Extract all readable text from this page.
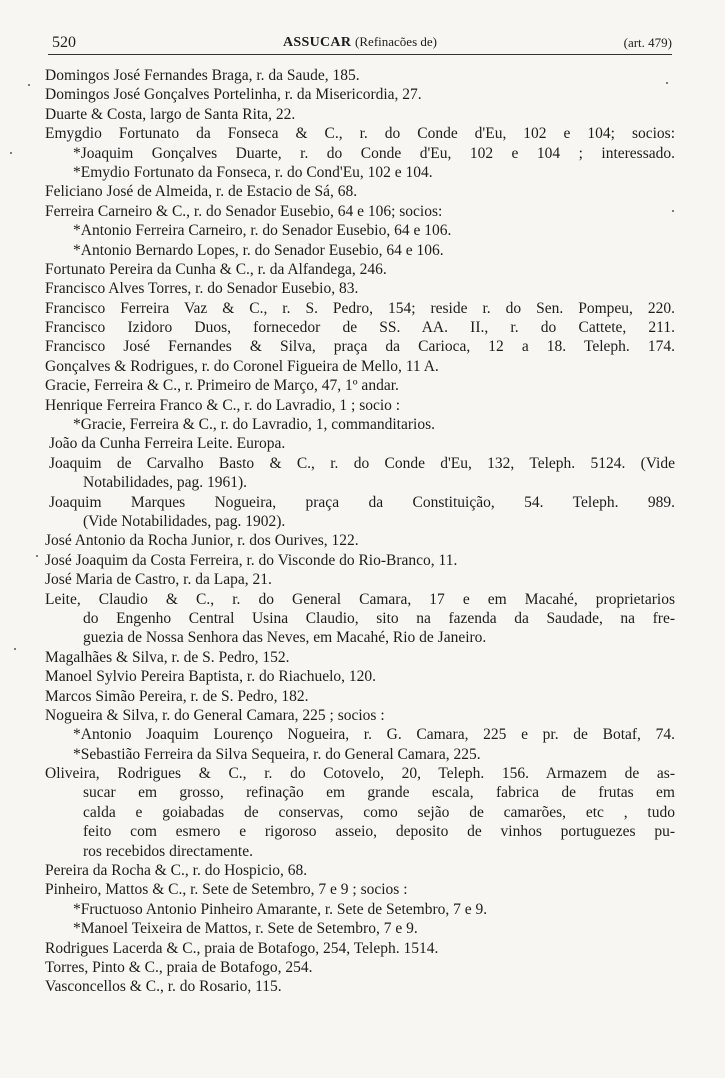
520	ASSUCAR (Refinacões de)	(art. 479)
Domingos José Fernandes Braga, r. da Saude, 185.
Domingos José Gonçalves Portelinha, r. da Misericordia, 27.
Duarte & Costa, largo de Santa Rita, 22.
Emygdio Fortunato da Fonseca & C., r. do Conde d'Eu, 102 e 104; socios:
*Joaquim Gonçalves Duarte, r. do Conde d'Eu, 102 e 104 ; interessado.
*Emydio Fortunato da Fonseca, r. do Cond'Eu, 102 e 104.
Feliciano José de Almeida, r. de Estacio de Sá, 68.
Ferreira Carneiro & C., r. do Senador Eusebio, 64 e 106; socios:
*Antonio Ferreira Carneiro, r. do Senador Eusebio, 64 e 106.
*Antonio Bernardo Lopes, r. do Senador Eusebio, 64 e 106.
Fortunato Pereira da Cunha & C., r. da Alfandega, 246.
Francisco Alves Torres, r. do Senador Eusebio, 83.
Francisco Ferreira Vaz & C., r. S. Pedro, 154; reside r. do Sen. Pompeu, 220.
Francisco Izidoro Duos, fornecedor de SS. AA. II., r. do Cattete, 211.
Francisco José Fernandes & Silva, praça da Carioca, 12 a 18. Teleph. 174.
Gonçalves & Rodrigues, r. do Coronel Figueira de Mello, 11 A.
Gracie, Ferreira & C., r. Primeiro de Março, 47, 1º andar.
Henrique Ferreira Franco & C., r. do Lavradio, 1 ; socio :
*Gracie, Ferreira & C., r. do Lavradio, 1, commanditarios.
João da Cunha Ferreira Leite. Europa.
Joaquim de Carvalho Basto & C., r. do Conde d'Eu, 132, Teleph. 5124. (Vide
Notabilidades, pag. 1961).
Joaquim Marques Nogueira, praça da Constituição, 54. Teleph. 989.
(Vide Notabilidades, pag. 1902).
José Antonio da Rocha Junior, r. dos Ourives, 122.
José Joaquim da Costa Ferreira, r. do Visconde do Rio-Branco, 11.
José Maria de Castro, r. da Lapa, 21.
Leite, Claudio & C., r. do General Camara, 17 e em Macahé, proprietarios
do Engenho Central Usina Claudio, sito na fazenda da Saudade, na fre-
guezia de Nossa Senhora das Neves, em Macahé, Rio de Janeiro.
Magalhães & Silva, r. de S. Pedro, 152.
Manoel Sylvio Pereira Baptista, r. do Riachuelo, 120.
Marcos Simão Pereira, r. de S. Pedro, 182.
Nogueira & Silva, r. do General Camara, 225 ; socios :
*Antonio Joaquim Lourenço Nogueira, r. G. Camara, 225 e pr. de Botaf, 74.
*Sebastião Ferreira da Silva Sequeira, r. do General Camara, 225.
Oliveira, Rodrigues & C., r. do Cotovelo, 20, Teleph. 156. Armazem de as-
sucar em grosso, refinação em grande escala, fabrica de frutas em
calda e goiabadas de conservas, como sejão de camarões, etc , tudo
feito com esmero e rigoroso asseio, deposito de vinhos portuguezes pu-
ros recebidos directamente.
Pereira da Rocha & C., r. do Hospicio, 68.
Pinheiro, Mattos & C., r. Sete de Setembro, 7 e 9 ; socios :
*Fructuoso Antonio Pinheiro Amarante, r. Sete de Setembro, 7 e 9.
*Manoel Teixeira de Mattos, r. Sete de Setembro, 7 e 9.
Rodrigues Lacerda & C., praia de Botafogo, 254, Teleph. 1514.
Torres, Pinto & C., praia de Botafogo, 254.
Vasconcellos & C., r. do Rosario, 115.
